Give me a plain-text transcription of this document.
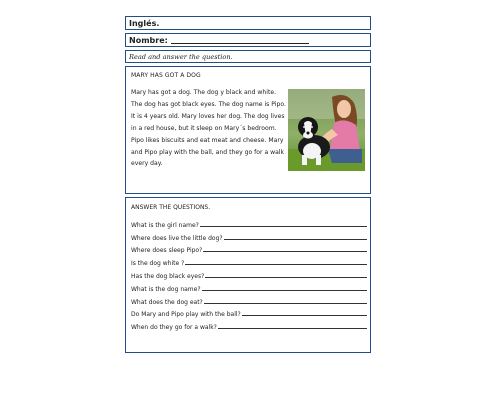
Inglés.
Nombre:
Read and answer the question.
MARY HAS GOT A DOG
Mary has got a dog. The dog y black and white. The dog has got black eyes. The dog name is Pipo. It is 4 years old. Mary loves her dog. The dog lives in a red house, but it sleep on Mary´s bedroom. Pipo likes biscuits and eat meat and cheese. Mary and Pipo play with the ball, and they go for a walk every day.
ANSWER THE QUESTIONS.
What is the girl name?
Where does live the little dog?
Where does sleep Pipo?
Is the dog white ?
Has the dog black eyes?
What is the dog name?
What does the dog eat?
Do Mary and Pipo play with the ball?
When do they go for a walk?
